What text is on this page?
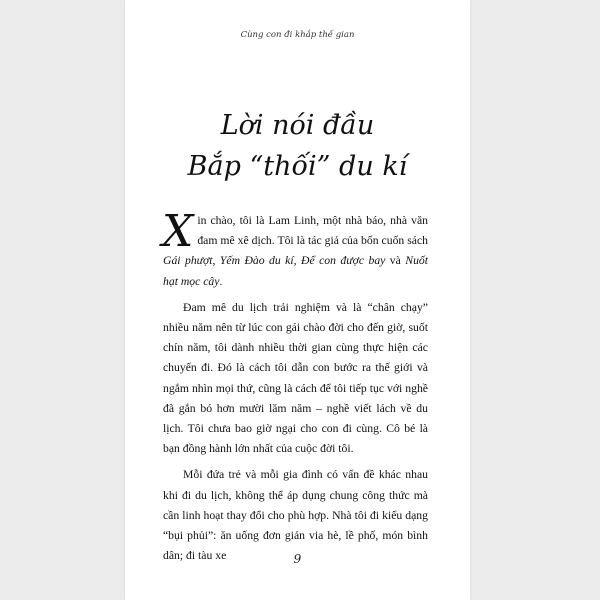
Cùng con đi khắp thế gian
Lời nói đầu
Bắp “thối” du kí

Xin chào, tôi là Lam Linh, một nhà báo, nhà văn đam mê xê dịch. Tôi là tác giả của bốn cuốn sách Gái phượt, Yếm Đào du kí, Để con được bay và Nuốt hạt mọc cây.

Đam mê du lịch trải nghiệm và là “chân chạy” nhiều năm nên từ lúc con gái chào đời cho đến giờ, suốt chín năm, tôi dành nhiều thời gian cùng thực hiện các chuyến đi. Đó là cách tôi dẫn con bước ra thế giới và ngắm nhìn mọi thứ, cũng là cách để tôi tiếp tục với nghề đã gắn bó hơn mười lăm năm – nghề viết lách về du lịch. Tôi chưa bao giờ ngại cho con đi cùng. Cô bé là bạn đồng hành lớn nhất của cuộc đời tôi.

Mỗi đứa trẻ và mỗi gia đình có vấn đề khác nhau khi đi du lịch, không thể áp dụng chung công thức mà cần linh hoạt thay đổi cho phù hợp. Nhà tôi đi kiểu dạng “bụi phủi”: ăn uống đơn giản via hè, lề phố, món bình dân; đi tàu xe	9
